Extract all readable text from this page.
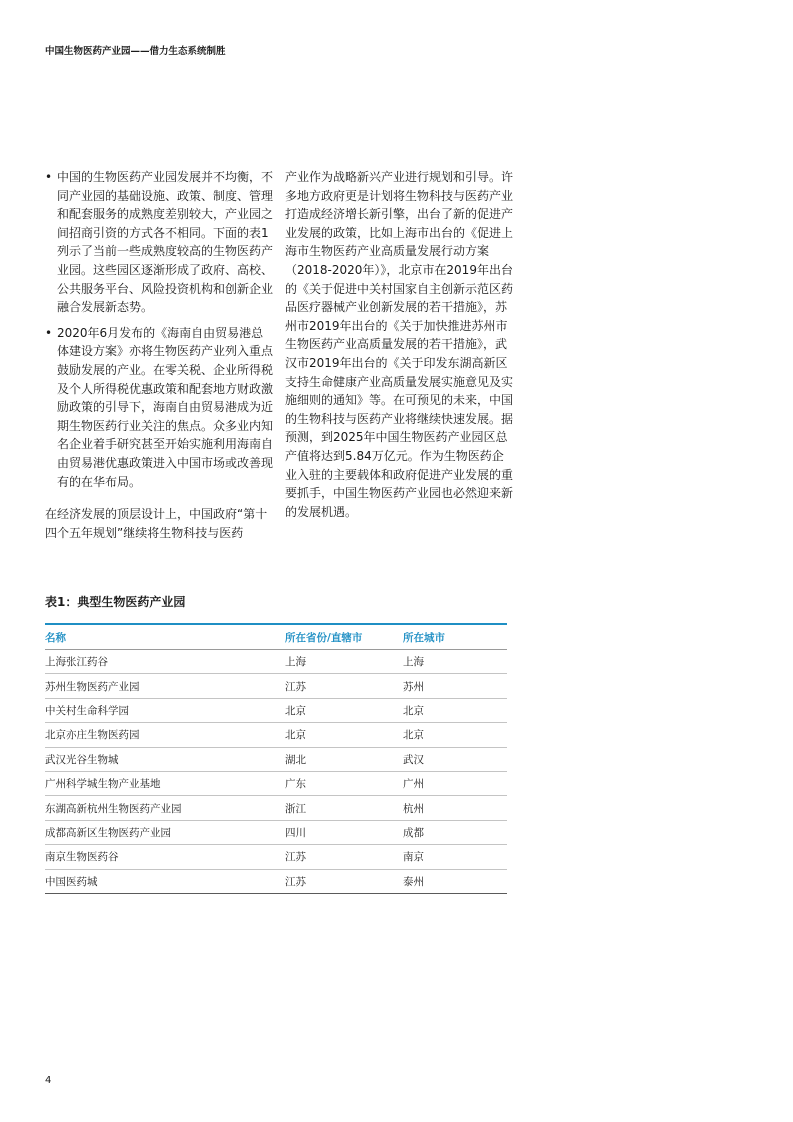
中国生物医药产业园——借力生态系统制胜
• 中国的生物医药产业园发展并不均衡，不同产业园的基础设施、政策、制度、管理和配套服务的成熟度差别较大，产业园之间招商引资的方式各不相同。下面的表1列示了当前一些成熟度较高的生物医药产业园。这些园区逐渐形成了政府、高校、公共服务平台、风险投资机构和创新企业融合发展新态势。
• 2020年6月发布的《海南自由贸易港总体建设方案》亦将生物医药产业列入重点鼓励发展的产业。在零关税、企业所得税及个人所得税优惠政策和配套地方财政激励政策的引导下，海南自由贸易港成为近期生物医药行业关注的焦点。众多业内知名企业着手研究甚至开始实施利用海南自由贸易港优惠政策进入中国市场或改善现有的在华布局。

在经济发展的顶层设计上，中国政府“第十四个五年规划”继续将生物科技与医药

产业作为战略新兴产业进行规划和引导。许多地方政府更是计划将生物科技与医药产业打造成经济增长新引擎，出台了新的促进产业发展的政策，比如上海市出台的《促进上海市生物医药产业高质量发展行动方案（2018-2020年）》，北京市在2019年出台的《关于促进中关村国家自主创新示范区药品医疗器械产业创新发展的若干措施》，苏州市2019年出台的《关于加快推进苏州市生物医药产业高质量发展的若干措施》，武汉市2019年出台的《关于印发东湖高新区支持生命健康产业高质量发展实施意见及实施细则的通知》等。在可预见的未来，中国的生物科技与医药产业将继续快速发展。据预测，到2025年中国生物医药产业园区总产值将达到5.84万亿元。作为生物医药企业入驻的主要载体和政府促进产业发展的重要抓手，中国生物医药产业园也必然迎来新的发展机遇。

表1：典型生物医药产业园
名称	所在省份/直辖市	所在城市
上海张江药谷	上海	上海
苏州生物医药产业园	江苏	苏州
中关村生命科学园	北京	北京
北京亦庄生物医药园	北京	北京
武汉光谷生物城	湖北	武汉
广州科学城生物产业基地	广东	广州
东湖高新杭州生物医药产业园	浙江	杭州
成都高新区生物医药产业园	四川	成都
南京生物医药谷	江苏	南京
中国医药城	江苏	泰州
4
